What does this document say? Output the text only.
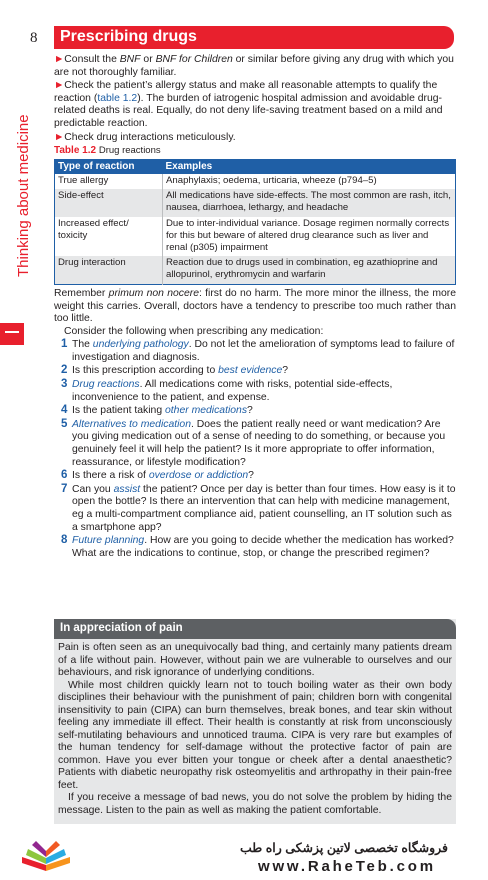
8 Prescribing drugs
Thinking about medicine

►Consult the BNF or BNF for Children or similar before giving any drug with which you are not thoroughly familiar.

►Check the patient’s allergy status and make all reasonable attempts to qualify the reaction (table 1.2). The burden of iatrogenic hospital admission and avoidable drug-related deaths is real. Equally, do not deny life-saving treatment based on a mild and predictable reaction.

►Check drug interactions meticulously.

Table 1.2 Drug reactions
Type of reaction	Examples
True allergy	Anaphylaxis; oedema, urticaria, wheeze (p794–5)
Side-effect	All medications have side-effects. The most common are rash, itch, nausea, diarrhoea, lethargy, and headache
Increased effect/ toxicity	Due to inter-individual variance. Dosage regimen normally corrects for this but beware of altered drug clearance such as liver and renal (p305) impairment
Drug interaction	Reaction due to drugs used in combination, eg azathioprine and allopurinol, erythromycin and warfarin

Remember primum non nocere: first do no harm. The more minor the illness, the more weight this carries. Overall, doctors have a tendency to prescribe too much rather than too little.

Consider the following when prescribing any medication:

1 The underlying pathology. Do not let the amelioration of symptoms lead to failure of investigation and diagnosis.
2 Is this prescription according to best evidence?
3 Drug reactions. All medications come with risks, potential side-effects, inconvenience to the patient, and expense.
4 Is the patient taking other medications?
5 Alternatives to medication. Does the patient really need or want medication? Are you giving medication out of a sense of needing to do something, or because you genuinely feel it will help the patient? Is it more appropriate to offer information, reassurance, or lifestyle modification?
6 Is there a risk of overdose or addiction?
7 Can you assist the patient? Once per day is better than four times. How easy is it to open the bottle? Is there an intervention that can help with medicine management, eg a multi-compartment compliance aid, patient counselling, an IT solution such as a smartphone app?
8 Future planning. How are you going to decide whether the medication has worked? What are the indications to continue, stop, or change the prescribed regimen?
In appreciation of pain

Pain is often seen as an unequivocally bad thing, and certainly many patients dream of a life without pain. However, without pain we are vulnerable to ourselves and our behaviours, and risk ignorance of underlying conditions.

While most children quickly learn not to touch boiling water as their own body disciplines their behaviour with the punishment of pain; children born with congenital insensitivity to pain (CIPA) can burn themselves, break bones, and tear skin without feeling any immediate ill effect. Their health is constantly at risk from unconsciously self-mutilating behaviours and unnoticed trauma. CIPA is very rare but examples of the human tendency for self-damage without the protective factor of pain are common. Have you ever bitten your tongue or cheek after a dental anaesthetic? Patients with diabetic neuropathy risk osteomyelitis and arthropathy in their pain-free feet.

If you receive a message of bad news, you do not solve the problem by hiding the message. Listen to the pain as well as making the patient comfortable.

فروشگاه تخصصی لاتین پزشکی راه طب
www.RaheTeb.com
